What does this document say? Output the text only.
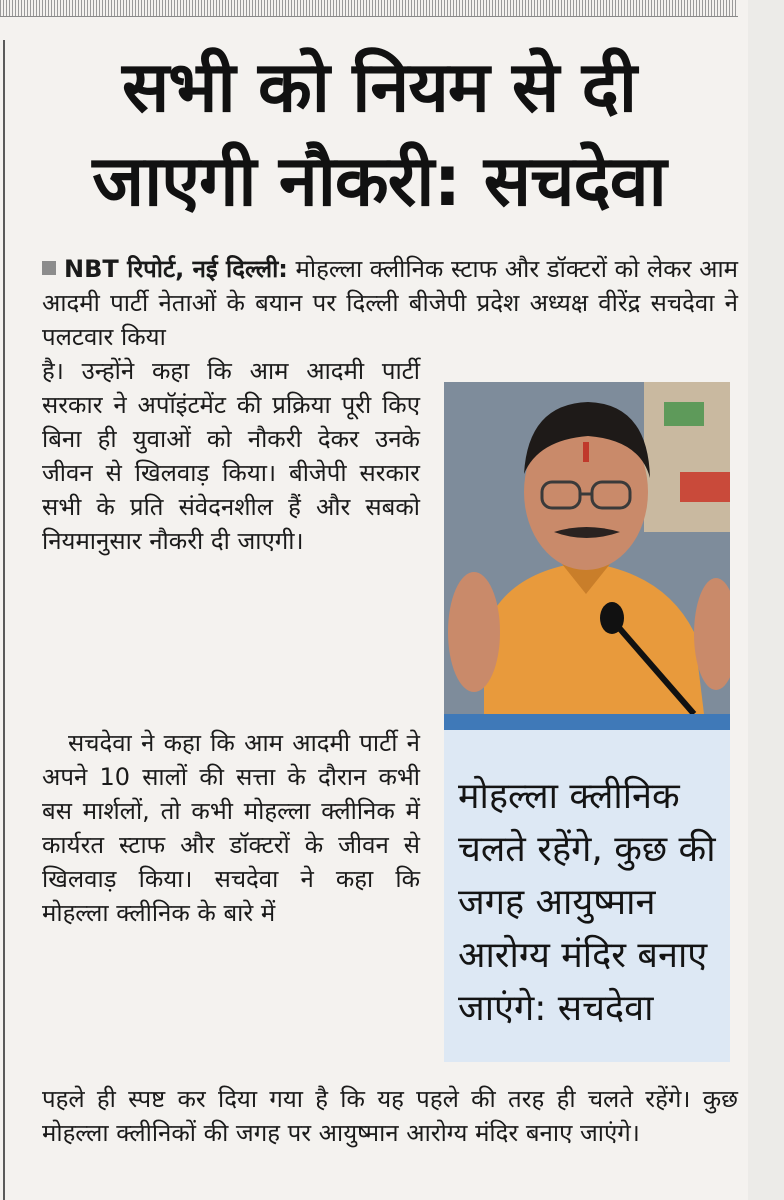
सभी को नियम से दी
जाएगी नौकरी: सचदेवा
NBT रिपोर्ट, नई दिल्ली: मोहल्ला क्लीनिक स्टाफ और डॉक्टरों को लेकर आम आदमी पार्टी नेताओं के बयान पर दिल्ली बीजेपी प्रदेश अध्यक्ष वीरेंद्र सचदेवा ने पलटवार किया
है। उन्होंने कहा कि आम आदमी पार्टी सरकार ने अपॉइंटमेंट की प्रक्रिया पूरी किए बिना ही युवाओं को नौकरी देकर उनके जीवन से खिलवाड़ किया। बीजेपी सरकार सभी के प्रति संवेदनशील हैं और सबको नियमानुसार नौकरी दी जाएगी।
सचदेवा ने कहा कि आम आदमी पार्टी ने अपने 10 सालों की सत्ता के दौरान कभी बस मार्शलों, तो कभी मोहल्ला क्लीनिक में कार्यरत स्टाफ और डॉक्टरों के जीवन से खिलवाड़ किया। सचदेवा ने कहा कि मोहल्ला क्लीनिक के बारे में
पहले ही स्पष्ट कर दिया गया है कि यह पहले की तरह ही चलते रहेंगे। कुछ मोहल्ला क्लीनिकों की जगह पर आयुष्मान आरोग्य मंदिर बनाए जाएंगे।
मोहल्ला क्लीनिक चलते रहेंगे, कुछ की जगह आयुष्मान आरोग्य मंदिर बनाए जाएंगे: सचदेवा
